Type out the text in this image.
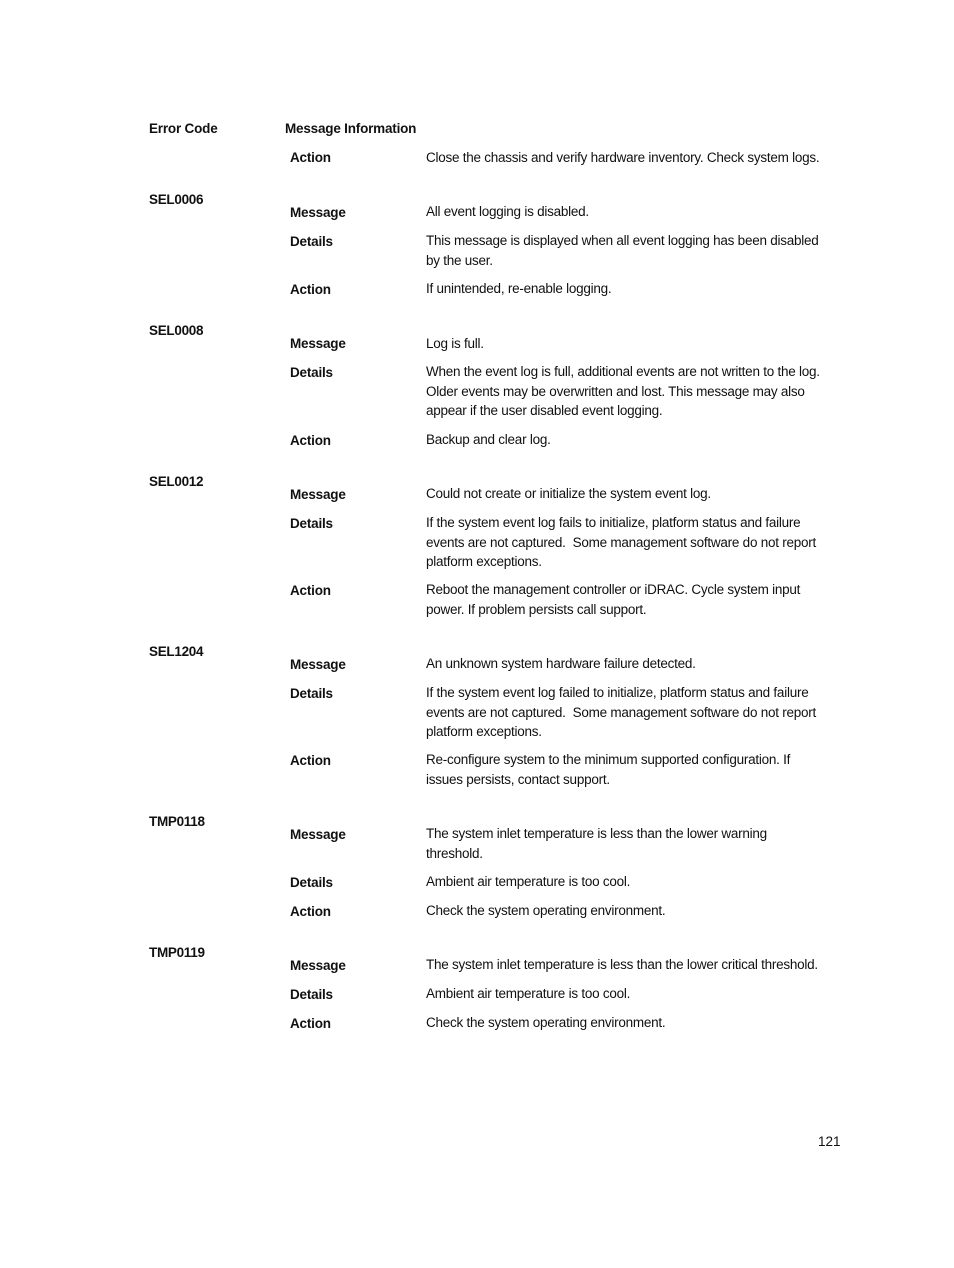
Error Code	Message Information
Action	Close the chassis and verify hardware inventory. Check system logs.
SEL0006
Message	All event logging is disabled.
Details	This message is displayed when all event logging has been disabled
by the user.
Action	If unintended, re-enable logging.
SEL0008
Message	Log is full.
Details	When the event log is full, additional events are not written to the log.
Older events may be overwritten and lost. This message may also
appear if the user disabled event logging.
Action	Backup and clear log.
SEL0012
Message	Could not create or initialize the system event log.
Details	If the system event log fails to initialize, platform status and failure
events are not captured.  Some management software do not report
platform exceptions.
Action	Reboot the management controller or iDRAC. Cycle system input
power. If problem persists call support.
SEL1204
Message	An unknown system hardware failure detected.
Details	If the system event log failed to initialize, platform status and failure
events are not captured.  Some management software do not report
platform exceptions.
Action	Re-configure system to the minimum supported configuration. If
issues persists, contact support.
TMP0118
Message	The system inlet temperature is less than the lower warning
threshold.
Details	Ambient air temperature is too cool.
Action	Check the system operating environment.
TMP0119
Message	The system inlet temperature is less than the lower critical threshold.
Details	Ambient air temperature is too cool.
Action	Check the system operating environment.
121
